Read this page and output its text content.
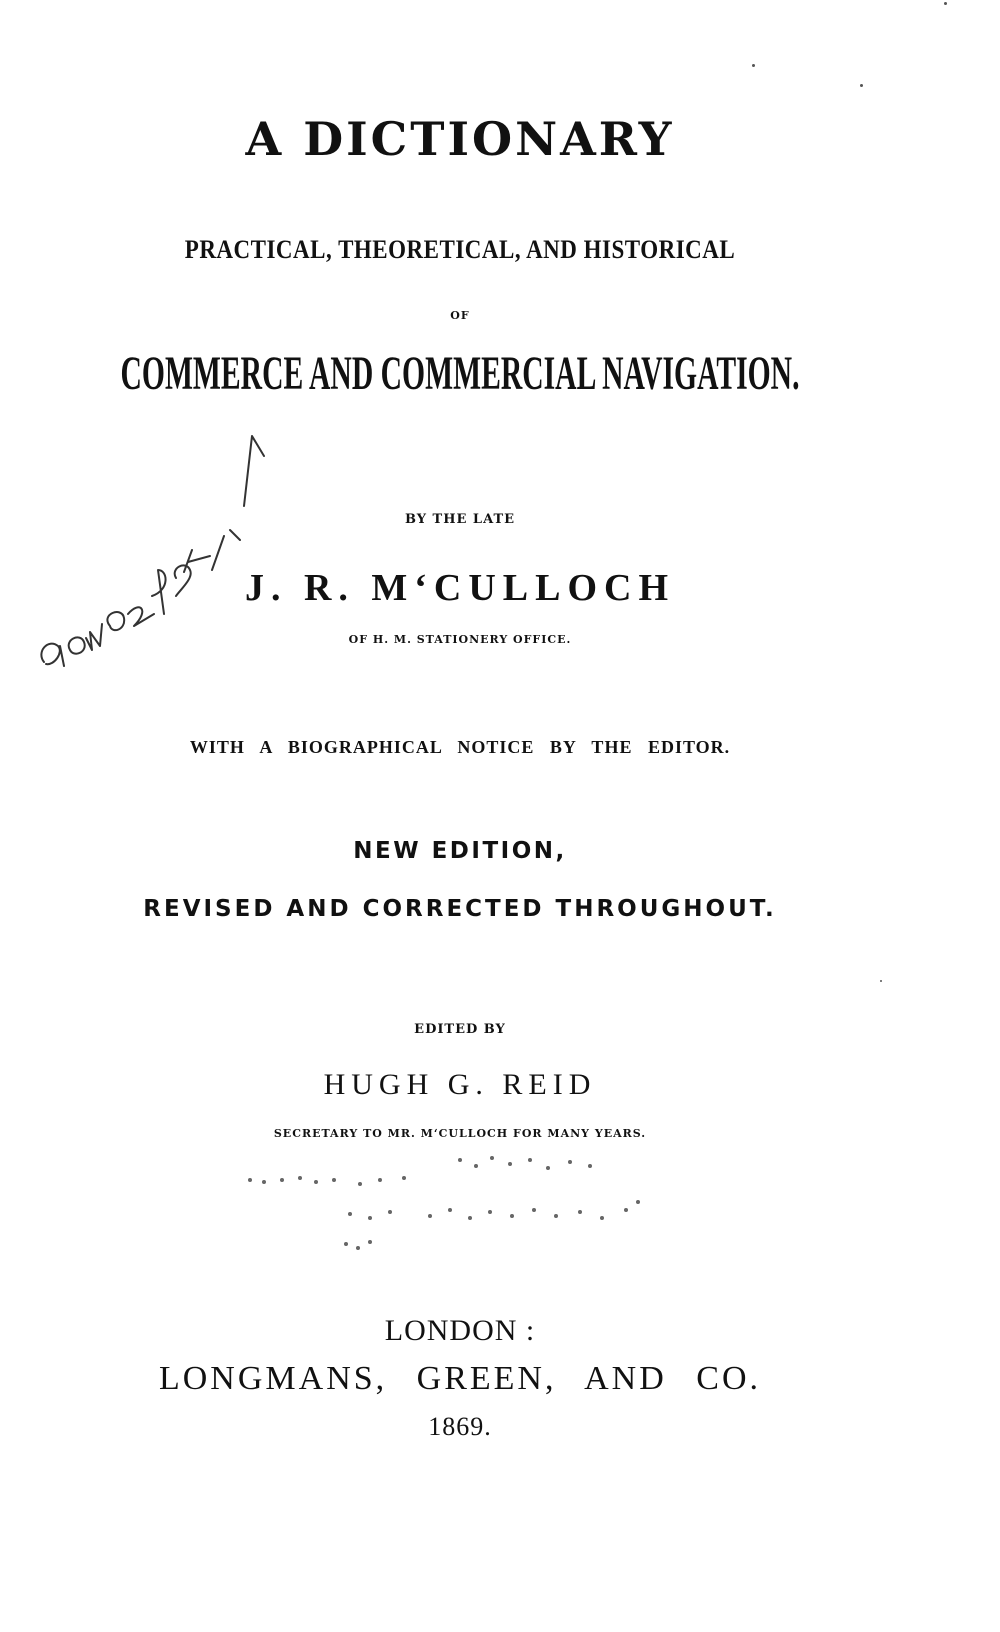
A DICTIONARY

PRACTICAL, THEORETICAL, AND HISTORICAL

OF

COMMERCE AND COMMERCIAL NAVIGATION.

BY THE LATE

J. R. M‘CULLOCH

OF H. M. STATIONERY OFFICE.

WITH A BIOGRAPHICAL NOTICE BY THE EDITOR.

NEW EDITION,

REVISED AND CORRECTED THROUGHOUT.

EDITED BY

HUGH G. REID

SECRETARY TO MR. M‘CULLOCH FOR MANY YEARS.

LONDON :

LONGMANS, GREEN, AND CO.

1869.
